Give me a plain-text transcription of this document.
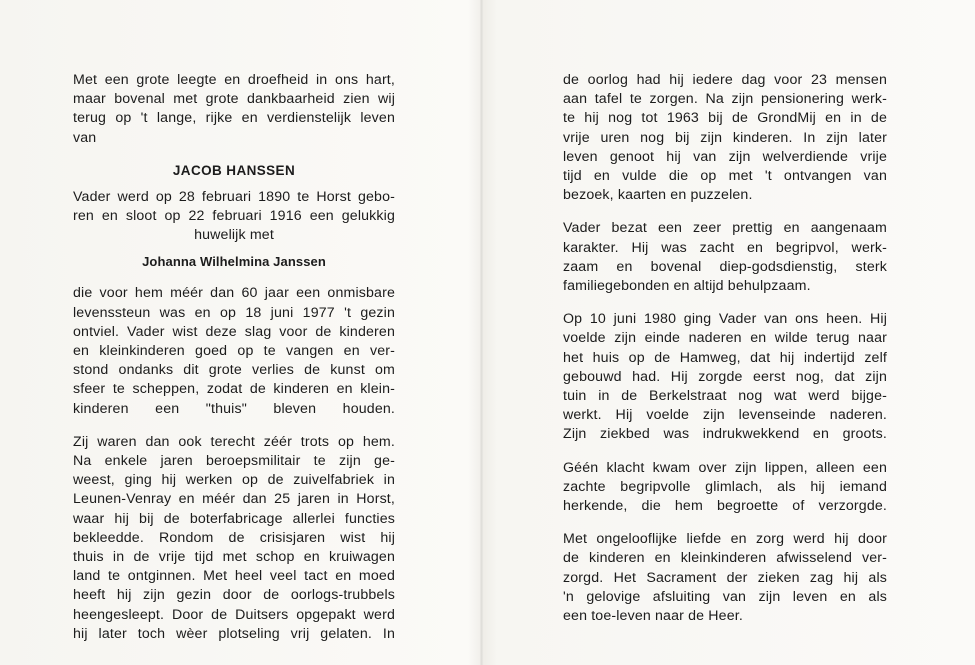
Met een grote leegte en droefheid in ons hart,
maar bovenal met grote dankbaarheid zien wij
terug op 't lange, rijke en verdienstelijk leven
van
JACOB HANSSEN
Vader werd op 28 februari 1890 te Horst gebo-
ren en sloot op 22 februari 1916 een gelukkig
huwelijk met
Johanna Wilhelmina Janssen
die voor hem méér dan 60 jaar een onmisbare
levenssteun was en op 18 juni 1977 't gezin
ontviel. Vader wist deze slag voor de kinderen
en kleinkinderen goed op te vangen en ver-
stond ondanks dit grote verlies de kunst om
sfeer te scheppen, zodat de kinderen en klein-
kinderen een "thuis" bleven houden.
Zij waren dan ook terecht zéér trots op hem.
Na enkele jaren beroepsmilitair te zijn ge-
weest, ging hij werken op de zuivelfabriek in
Leunen-Venray en méér dan 25 jaren in Horst,
waar hij bij de boterfabricage allerlei functies
bekleedde. Rondom de crisisjaren wist hij
thuis in de vrije tijd met schop en kruiwagen
land te ontginnen. Met heel veel tact en moed
heeft hij zijn gezin door de oorlogs-trubbels
heengesleept. Door de Duitsers opgepakt werd
hij later toch wèer plotseling vrij gelaten. In
de oorlog had hij iedere dag voor 23 mensen
aan tafel te zorgen. Na zijn pensionering werk-
te hij nog tot 1963 bij de GrondMij en in de
vrije uren nog bij zijn kinderen. In zijn later
leven genoot hij van zijn welverdiende vrije
tijd en vulde die op met 't ontvangen van
bezoek, kaarten en puzzelen.
Vader bezat een zeer prettig en aangenaam
karakter. Hij was zacht en begripvol, werk-
zaam en bovenal diep-godsdienstig, sterk
familiegebonden en altijd behulpzaam.
Op 10 juni 1980 ging Vader van ons heen. Hij
voelde zijn einde naderen en wilde terug naar
het huis op de Hamweg, dat hij indertijd zelf
gebouwd had. Hij zorgde eerst nog, dat zijn
tuin in de Berkelstraat nog wat werd bijge-
werkt. Hij voelde zijn levenseinde naderen.
Zijn ziekbed was indrukwekkend en groots.
Géén klacht kwam over zijn lippen, alleen een
zachte begripvolle glimlach, als hij iemand
herkende, die hem begroette of verzorgde.
Met ongelooflijke liefde en zorg werd hij door
de kinderen en kleinkinderen afwisselend ver-
zorgd. Het Sacrament der zieken zag hij als
'n gelovige afsluiting van zijn leven en als
een toe-leven naar de Heer.
